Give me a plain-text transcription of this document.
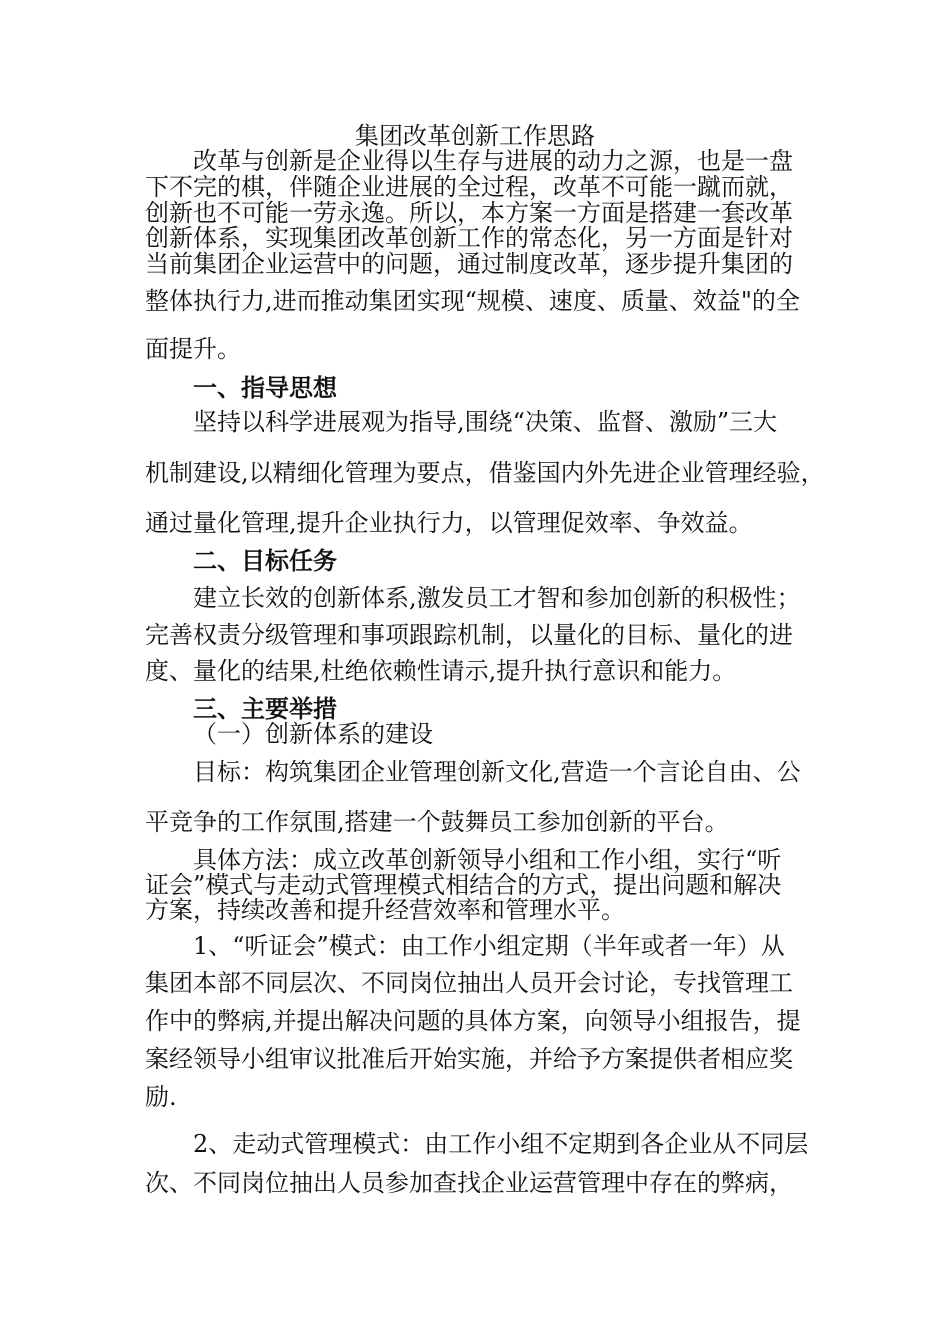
集团改革创新工作思路
改革与创新是企业得以生存与进展的动力之源，也是一盘
下不完的棋，伴随企业进展的全过程，改革不可能一蹴而就，
创新也不可能一劳永逸。所以，本方案一方面是搭建一套改革
创新体系，实现集团改革创新工作的常态化，另一方面是针对
当前集团企业运营中的问题，通过制度改革，逐步提升集团的
整体执行力,进而推动集团实现“规模、速度、质量、效益"的全
面提升。
一、指导思想
坚持以科学进展观为指导,围绕“决策、监督、激励”三大
机制建设,以精细化管理为要点，借鉴国内外先进企业管理经验，
通过量化管理,提升企业执行力，以管理促效率、争效益。
二、目标任务
建立长效的创新体系,激发员工才智和参加创新的积极性；
完善权责分级管理和事项跟踪机制，以量化的目标、量化的进
度、量化的结果,杜绝依赖性请示,提升执行意识和能力。
三、主要举措
（一）创新体系的建设
目标：构筑集团企业管理创新文化,营造一个言论自由、公
平竞争的工作氛围,搭建一个鼓舞员工参加创新的平台。
具体方法：成立改革创新领导小组和工作小组，实行“听
证会”模式与走动式管理模式相结合的方式，提出问题和解决
方案，持续改善和提升经营效率和管理水平。
1、“听证会”模式：由工作小组定期（半年或者一年）从
集团本部不同层次、不同岗位抽出人员开会讨论，专找管理工
作中的弊病,并提出解决问题的具体方案，向领导小组报告，提
案经领导小组审议批准后开始实施，并给予方案提供者相应奖
励.
2、走动式管理模式：由工作小组不定期到各企业从不同层
次、不同岗位抽出人员参加查找企业运营管理中存在的弊病，
